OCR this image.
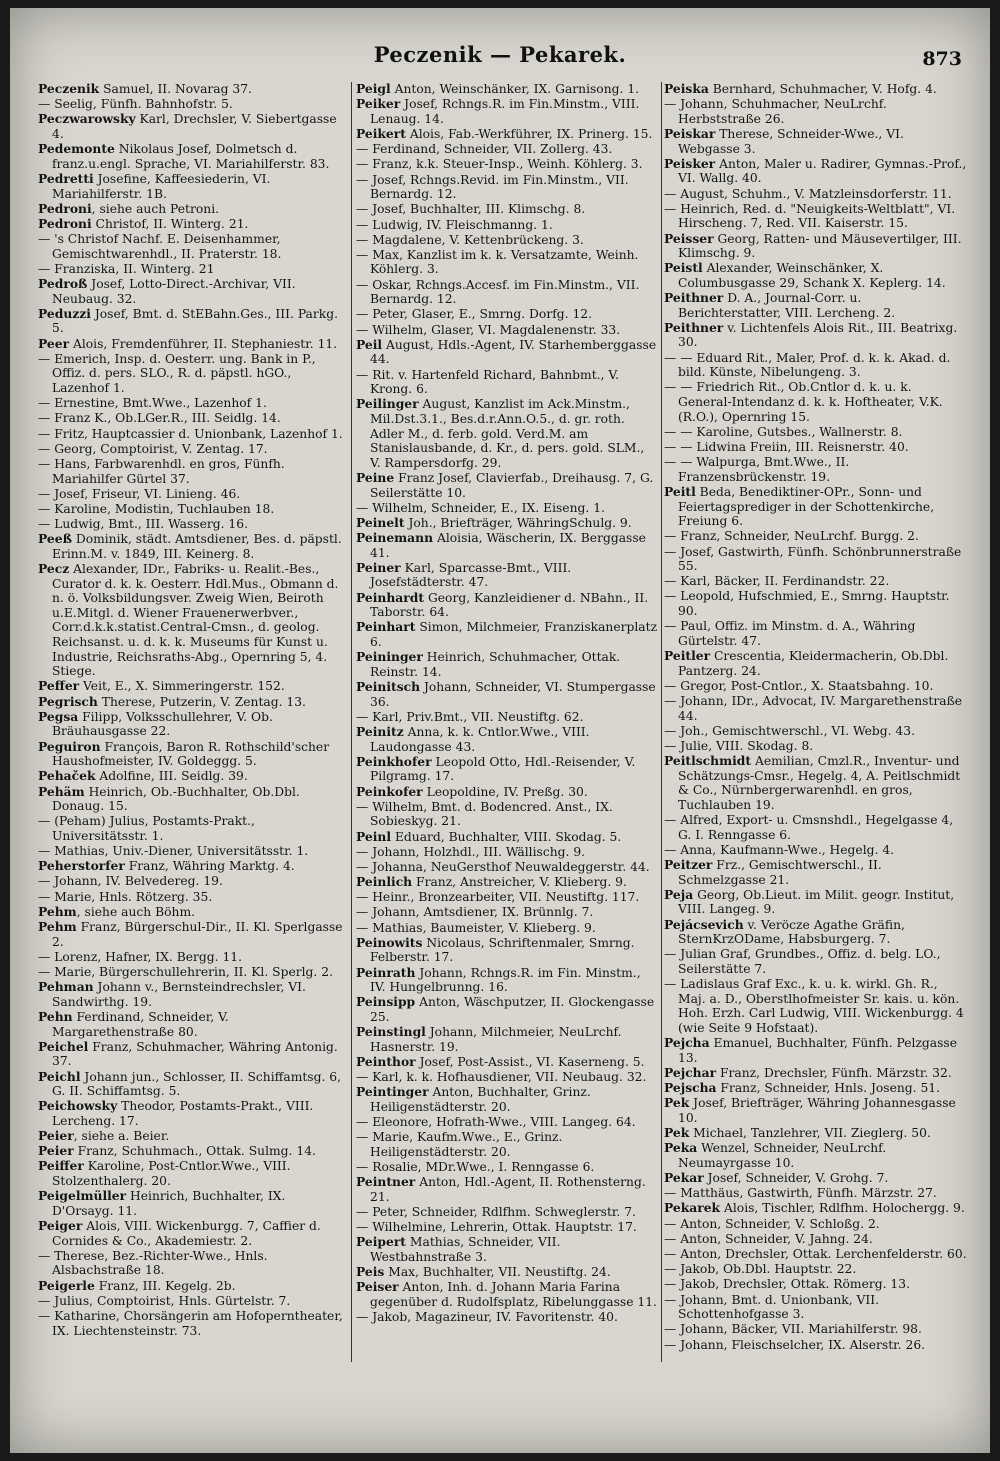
Peczenik — Pekarek.	873
Peczenik Samuel, II. Novarag 37.
— Seelig, Fünfh. Bahnhofstr. 5.
Peczwarowsky Karl, Drechsler, V. Siebertgasse 4.
Pedemonte Nikolaus Josef, Dolmetsch d. franz.u.engl. Sprache, VI. Mariahilferstr. 83.
Pedretti Josefine, Kaffeesiederin, VI. Mariahilferstr. 1B.
Pedroni, siehe auch Petroni.
Pedroni Christof, II. Winterg. 21.
— 's Christof Nachf. E. Deisenhammer, Gemischtwarenhdl., II. Praterstr. 18.
— Franziska, II. Winterg. 21
Pedroß Josef, Lotto-Direct.-Archivar, VII. Neubaug. 32.
Peduzzi Josef, Bmt. d. StEBahn.Ges., III. Parkg. 5.
Peer Alois, Fremdenführer, II. Stephaniestr. 11.
— Emerich, Insp. d. Oesterr. ung. Bank in P., Offiz. d. pers. SLO., R. d. päpstl. hGO., Lazenhof 1.
— Ernestine, Bmt.Wwe., Lazenhof 1.
— Franz K., Ob.LGer.R., III. Seidlg. 14.
— Fritz, Hauptcassier d. Unionbank, Lazenhof 1.
— Georg, Comptoirist, V. Zentag. 17.
— Hans, Farbwarenhdl. en gros, Fünfh. Mariahilfer Gürtel 37.
— Josef, Friseur, VI. Linieng. 46.
— Karoline, Modistin, Tuchlauben 18.
— Ludwig, Bmt., III. Wasserg. 16.
Peeß Dominik, städt. Amtsdiener, Bes. d. päpstl. Erinn.M. v. 1849, III. Keinerg. 8.
Pecz Alexander, IDr., Fabriks- u. Realit.-Bes., Curator d. k. k. Oesterr. Hdl.Mus., Obmann d. n. ö. Volksbildungsver. Zweig Wien, Beiroth u.E.Mitgl. d. Wiener Frauenerwerbver., Corr.d.k.k.statist.Central-Cmsn., d. geolog. Reichsanst. u. d. k. k. Museums für Kunst u. Industrie, Reichsraths-Abg., Opernring 5, 4. Stiege.
Peffer Veit, E., X. Simmeringerstr. 152.
Pegrisch Therese, Putzerin, V. Zentag. 13.
Pegsa Filipp, Volksschullehrer, V. Ob. Bräuhausgasse 22.
Peguiron François, Baron R. Rothschild'scher Haushofmeister, IV. Goldeggg. 5.
Pehaček Adolfine, III. Seidlg. 39.
Pehäm Heinrich, Ob.-Buchhalter, Ob.Dbl. Donaug. 15.
— (Peham) Julius, Postamts-Prakt., Universitätsstr. 1.
— Mathias, Univ.-Diener, Universitätsstr. 1.
Peherstorfer Franz, Währing Marktg. 4.
— Johann, IV. Belvedereg. 19.
— Marie, Hnls. Rötzerg. 35.
Pehm, siehe auch Böhm.
Pehm Franz, Bürgerschul-Dir., II. Kl. Sperlgasse 2.
— Lorenz, Hafner, IX. Bergg. 11.
— Marie, Bürgerschullehrerin, II. Kl. Sperlg. 2.
Pehman Johann v., Bernsteindrechsler, VI. Sandwirthg. 19.
Pehn Ferdinand, Schneider, V. Margarethenstraße 80.
Peichel Franz, Schuhmacher, Währing Antonig. 37.
Peichl Johann jun., Schlosser, II. Schiffamtsg. 6, G. II. Schiffamtsg. 5.
Peichowsky Theodor, Postamts-Prakt., VIII. Lercheng. 17.
Peier, siehe a. Beier.
Peier Franz, Schuhmach., Ottak. Sulmg. 14.
Peiffer Karoline, Post-Cntlor.Wwe., VIII. Stolzenthalerg. 20.
Peigelmüller Heinrich, Buchhalter, IX. D'Orsayg. 11.
Peiger Alois, VIII. Wickenburgg. 7, Caffier d. Cornides & Co., Akademiestr. 2.
— Therese, Bez.-Richter-Wwe., Hnls. Alsbachstraße 18.
Peigerle Franz, III. Kegelg. 2b.
— Julius, Comptoirist, Hnls. Gürtelstr. 7.
— Katharine, Chorsängerin am Hofoperntheater, IX. Liechtensteinstr. 73.
Peigl Anton, Weinschänker, IX. Garnisong. 1.
Peiker Josef, Rchngs.R. im Fin.Minstm., VIII. Lenaug. 14.
Peikert Alois, Fab.-Werkführer, IX. Prinerg. 15.
— Ferdinand, Schneider, VII. Zollerg. 43.
— Franz, k.k. Steuer-Insp., Weinh. Köhlerg. 3.
— Josef, Rchngs.Revid. im Fin.Minstm., VII. Bernardg. 12.
— Josef, Buchhalter, III. Klimschg. 8.
— Ludwig, IV. Fleischmanng. 1.
— Magdalene, V. Kettenbrückeng. 3.
— Max, Kanzlist im k. k. Versatzamte, Weinh. Köhlerg. 3.
— Oskar, Rchngs.Accesf. im Fin.Minstm., VII. Bernardg. 12.
— Peter, Glaser, E., Smrng. Dorfg. 12.
— Wilhelm, Glaser, VI. Magdalenenstr. 33.
Peil August, Hdls.-Agent, IV. Starhemberggasse 44.
— Rit. v. Hartenfeld Richard, Bahnbmt., V. Krong. 6.
Peilinger August, Kanzlist im Ack.Minstm., Mil.Dst.3.1., Bes.d.r.Ann.O.5., d. gr. roth. Adler M., d. ferb. gold. Verd.M. am Stanislausbande, d. Kr., d. pers. gold. SLM., V. Rampersdorfg. 29.
Peine Franz Josef, Clavierfab., Dreihausg. 7, G. Seilerstätte 10.
— Wilhelm, Schneider, E., IX. Eiseng. 1.
Peinelt Joh., Briefträger, WähringSchulg. 9.
Peinemann Aloisia, Wäscherin, IX. Berggasse 41.
Peiner Karl, Sparcasse-Bmt., VIII. Josefstädterstr. 47.
Peinhardt Georg, Kanzleidiener d. NBahn., II. Taborstr. 64.
Peinhart Simon, Milchmeier, Franziskanerplatz 6.
Peininger Heinrich, Schuhmacher, Ottak. Reinstr. 14.
Peinitsch Johann, Schneider, VI. Stumpergasse 36.
— Karl, Priv.Bmt., VII. Neustiftg. 62.
Peinitz Anna, k. k. Cntlor.Wwe., VIII. Laudongasse 43.
Peinkhofer Leopold Otto, Hdl.-Reisender, V. Pilgramg. 17.
Peinkofer Leopoldine, IV. Preßg. 30.
— Wilhelm, Bmt. d. Bodencred. Anst., IX. Sobieskyg. 21.
Peinl Eduard, Buchhalter, VIII. Skodag. 5.
— Johann, Holzhdl., III. Wällischg. 9.
— Johanna, NeuGersthof Neuwaldeggerstr. 44.
Peinlich Franz, Anstreicher, V. Klieberg. 9.
— Heinr., Bronzearbeiter, VII. Neustiftg. 117.
— Johann, Amtsdiener, IX. Brünnlg. 7.
— Mathias, Baumeister, V. Klieberg. 9.
Peinowits Nicolaus, Schriftenmaler, Smrng. Felberstr. 17.
Peinrath Johann, Rchngs.R. im Fin. Minstm., IV. Hungelbrunng. 16.
Peinsipp Anton, Wäschputzer, II. Glockengasse 25.
Peinstingl Johann, Milchmeier, NeuLrchf. Hasnerstr. 19.
Peinthor Josef, Post-Assist., VI. Kaserneng. 5.
— Karl, k. k. Hofhausdiener, VII. Neubaug. 32.
Peintinger Anton, Buchhalter, Grinz. Heiligenstädterstr. 20.
— Eleonore, Hofrath-Wwe., VIII. Langeg. 64.
— Marie, Kaufm.Wwe., E., Grinz. Heiligenstädterstr. 20.
— Rosalie, MDr.Wwe., I. Renngasse 6.
Peintner Anton, Hdl.-Agent, II. Rothensterng. 21.
— Peter, Schneider, Rdlfhm. Schweglerstr. 7.
— Wilhelmine, Lehrerin, Ottak. Hauptstr. 17.
Peipert Mathias, Schneider, VII. Westbahnstraße 3.
Peis Max, Buchhalter, VII. Neustiftg. 24.
Peiser Anton, Inh. d. Johann Maria Farina gegenüber d. Rudolfsplatz, Ribelunggasse 11.
— Jakob, Magazineur, IV. Favoritenstr. 40.
Peiska Bernhard, Schuhmacher, V. Hofg. 4.
— Johann, Schuhmacher, NeuLrchf. Herbststraße 26.
Peiskar Therese, Schneider-Wwe., VI. Webgasse 3.
Peisker Anton, Maler u. Radirer, Gymnas.-Prof., VI. Wallg. 40.
— August, Schuhm., V. Matzleinsdorferstr. 11.
— Heinrich, Red. d. "Neuigkeits-Weltblatt", VI. Hirscheng. 7, Red. VII. Kaiserstr. 15.
Peisser Georg, Ratten- und Mäusevertilger, III. Klimschg. 9.
Peistl Alexander, Weinschänker, X. Columbusgasse 29, Schank X. Keplerg. 14.
Peithner D. A., Journal-Corr. u. Berichterstatter, VIII. Lercheng. 2.
Peithner v. Lichtenfels Alois Rit., III. Beatrixg. 30.
— — Eduard Rit., Maler, Prof. d. k. k. Akad. d. bild. Künste, Nibelungeng. 3.
— — Friedrich Rit., Ob.Cntlor d. k. u. k. General-Intendanz d. k. k. Hoftheater, V.K. (R.O.), Opernring 15.
— — Karoline, Gutsbes., Wallnerstr. 8.
— — Lidwina Freiin, III. Reisnerstr. 40.
— — Walpurga, Bmt.Wwe., II. Franzensbrückenstr. 19.
Peitl Beda, Benediktiner-OPr., Sonn- und Feiertagsprediger in der Schottenkirche, Freiung 6.
— Franz, Schneider, NeuLrchf. Burgg. 2.
— Josef, Gastwirth, Fünfh. Schönbrunnerstraße 55.
— Karl, Bäcker, II. Ferdinandstr. 22.
— Leopold, Hufschmied, E., Smrng. Hauptstr. 90.
— Paul, Offiz. im Minstm. d. A., Währing Gürtelstr. 47.
Peitler Crescentia, Kleidermacherin, Ob.Dbl. Pantzerg. 24.
— Gregor, Post-Cntlor., X. Staatsbahng. 10.
— Johann, IDr., Advocat, IV. Margarethenstraße 44.
— Joh., Gemischtwerschl., VI. Webg. 43.
— Julie, VIII. Skodag. 8.
Peitlschmidt Aemilian, Cmzl.R., Inventur- und Schätzungs-Cmsr., Hegelg. 4, A. Peitlschmidt & Co., Nürnbergerwarenhdl. en gros, Tuchlauben 19.
— Alfred, Export- u. Cmsnshdl., Hegelgasse 4, G. I. Renngasse 6.
— Anna, Kaufmann-Wwe., Hegelg. 4.
Peitzer Frz., Gemischtwerschl., II. Schmelzgasse 21.
Peja Georg, Ob.Lieut. im Milit. geogr. Institut, VIII. Langeg. 9.
Pejácsevich v. Veröcze Agathe Gräfin, SternKrzODame, Habsburgerg. 7.
— Julian Graf, Grundbes., Offiz. d. belg. LO., Seilerstätte 7.
— Ladislaus Graf Exc., k. u. k. wirkl. Gh. R., Maj. a. D., Oberstlhofmeister Sr. kais. u. kön. Hoh. Erzh. Carl Ludwig, VIII. Wickenburgg. 4 (wie Seite 9 Hofstaat).
Pejcha Emanuel, Buchhalter, Fünfh. Pelzgasse 13.
Pejchar Franz, Drechsler, Fünfh. Märzstr. 32.
Pejscha Franz, Schneider, Hnls. Joseng. 51.
Pek Josef, Briefträger, Währing Johannesgasse 10.
Pek Michael, Tanzlehrer, VII. Zieglerg. 50.
Peka Wenzel, Schneider, NeuLrchf. Neumayrgasse 10.
Pekar Josef, Schneider, V. Grohg. 7.
— Matthäus, Gastwirth, Fünfh. Märzstr. 27.
Pekarek Alois, Tischler, Rdlfhm. Holochergg. 9.
— Anton, Schneider, V. Schloßg. 2.
— Anton, Schneider, V. Jahng. 24.
— Anton, Drechsler, Ottak. Lerchenfelderstr. 60.
— Jakob, Ob.Dbl. Hauptstr. 22.
— Jakob, Drechsler, Ottak. Römerg. 13.
— Johann, Bmt. d. Unionbank, VII. Schottenhofgasse 3.
— Johann, Bäcker, VII. Mariahilferstr. 98.
— Johann, Fleischselcher, IX. Alserstr. 26.
